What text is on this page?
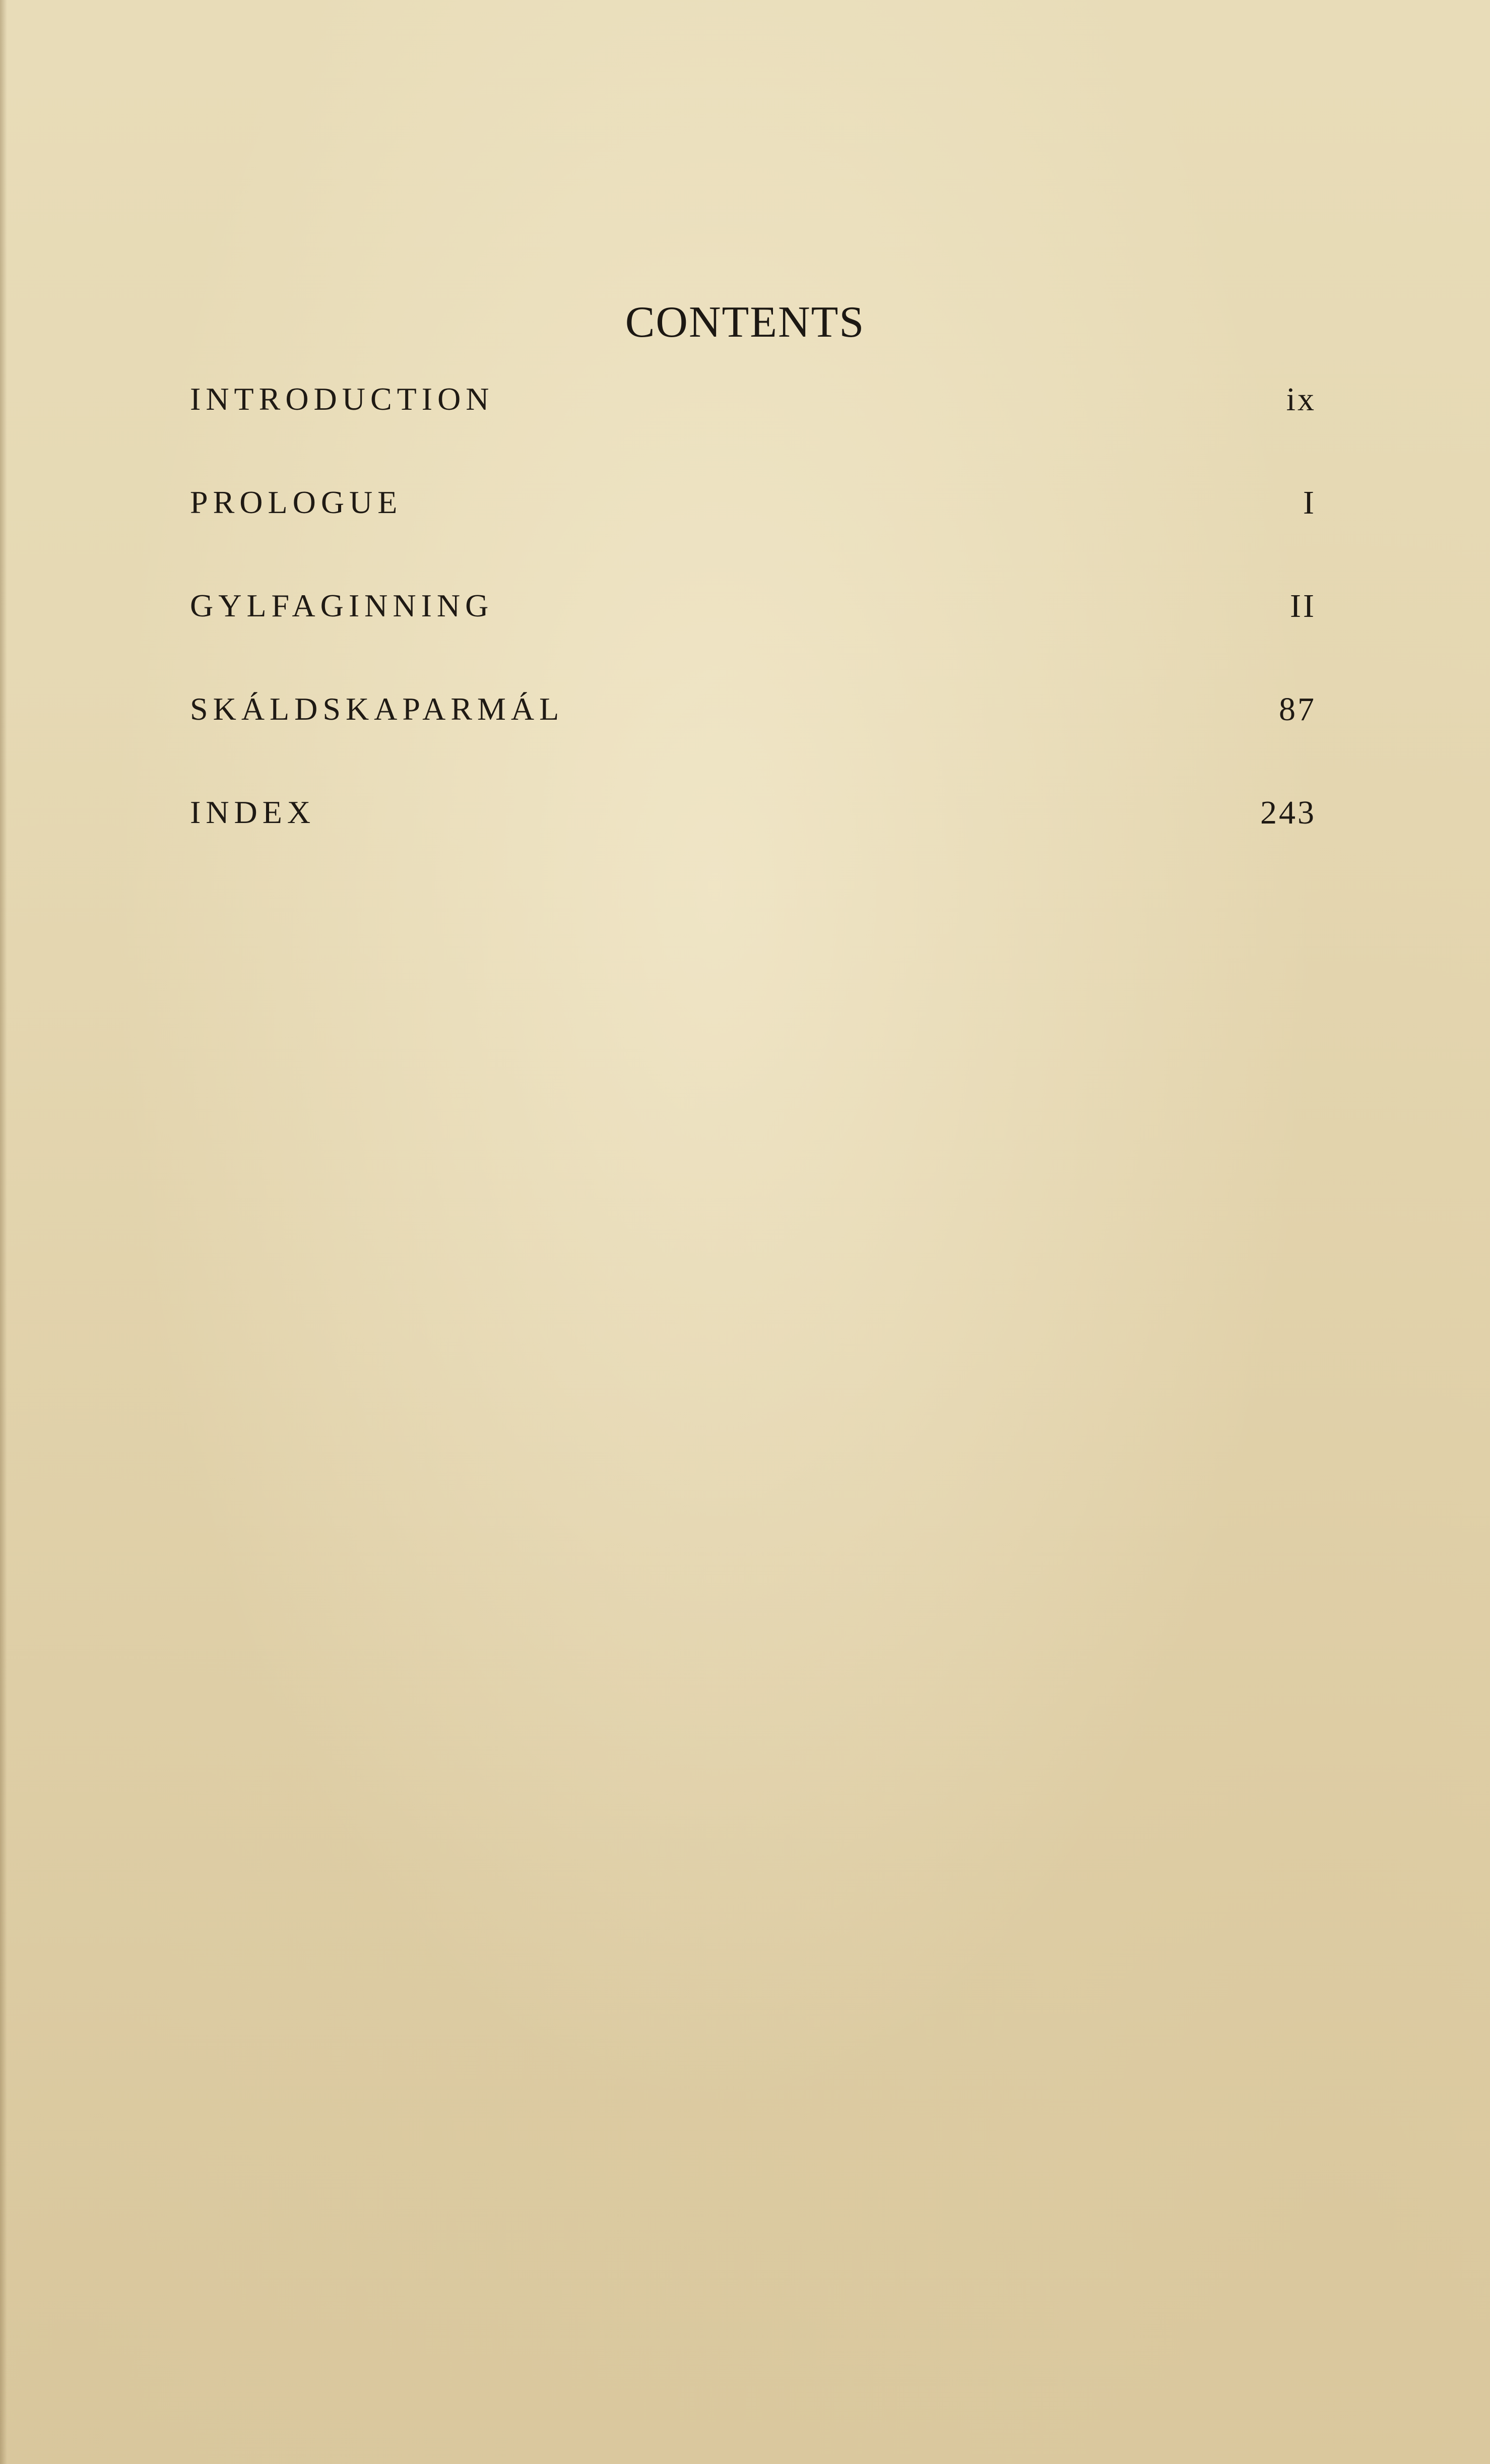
CONTENTS
INTRODUCTION	ix
PROLOGUE	I
GYLFAGINNING	II
SKÁLDSKAPARMÁL	87
INDEX	243
